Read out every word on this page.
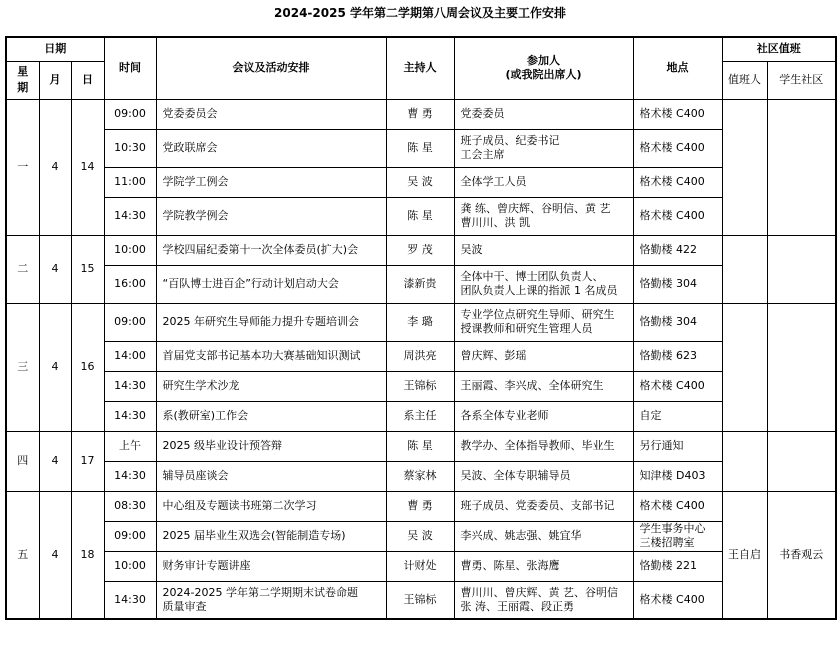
2024-2025 学年第二学期第八周会议及主要工作安排
日期			时间	会议及活动安排	主持人	参加人
(或我院出席人)	地点	社区值班	
星
期	月	日						值班人	学生社区
一	4	14	09:00	党委委员会	曹 勇	党委委员	格术楼 C400		
			10:30	党政联席会	陈 星	班子成员、纪委书记
工会主席	格术楼 C400		
			11:00	学院学工例会	吴 波	全体学工人员	格术楼 C400		
			14:30	学院教学例会	陈 星	龚 练、曾庆辉、谷明信、黄 艺
曹川川、洪 凯	格术楼 C400		
二	4	15	10:00	学校四届纪委第十一次全体委员(扩大)会	罗 茂	吴波	恪勤楼 422		
			16:00	“百队博士进百企”行动计划启动大会	漆新贵	全体中干、博士团队负责人、
团队负责人上课的指派 1 名成员	恪勤楼 304		
三	4	16	09:00	2025 年研究生导师能力提升专题培训会	李 璐	专业学位点研究生导师、研究生
授课教师和研究生管理人员	恪勤楼 304		
			14:00	首届党支部书记基本功大赛基础知识测试	周洪亮	曾庆辉、彭瑶	恪勤楼 623		
			14:30	研究生学术沙龙	王锦标	王丽霞、李兴成、全体研究生	格术楼 C400		
			14:30	系(教研室)工作会	系主任	各系全体专业老师	自定		
四	4	17	上午	2025 级毕业设计预答辩	陈 星	教学办、全体指导教师、毕业生	另行通知		
			14:30	辅导员座谈会	蔡家林	吴波、全体专职辅导员	知津楼 D403		
五	4	18	08:30	中心组及专题读书班第二次学习	曹 勇	班子成员、党委委员、支部书记	格术楼 C400	王自启	书香观云
			09:00	2025 届毕业生双选会(智能制造专场)	吴 波	李兴成、姚志强、姚宜华	学生事务中心
三楼招聘室		
			10:00	财务审计专题讲座	计财处	曹勇、陈星、张海鹰	恪勤楼 221		
			14:30	2024-2025 学年第二学期期末试卷命题
质量审查	王锦标	曹川川、曾庆辉、黄 艺、谷明信
张 涛、王丽霞、段正勇	格术楼 C400		
